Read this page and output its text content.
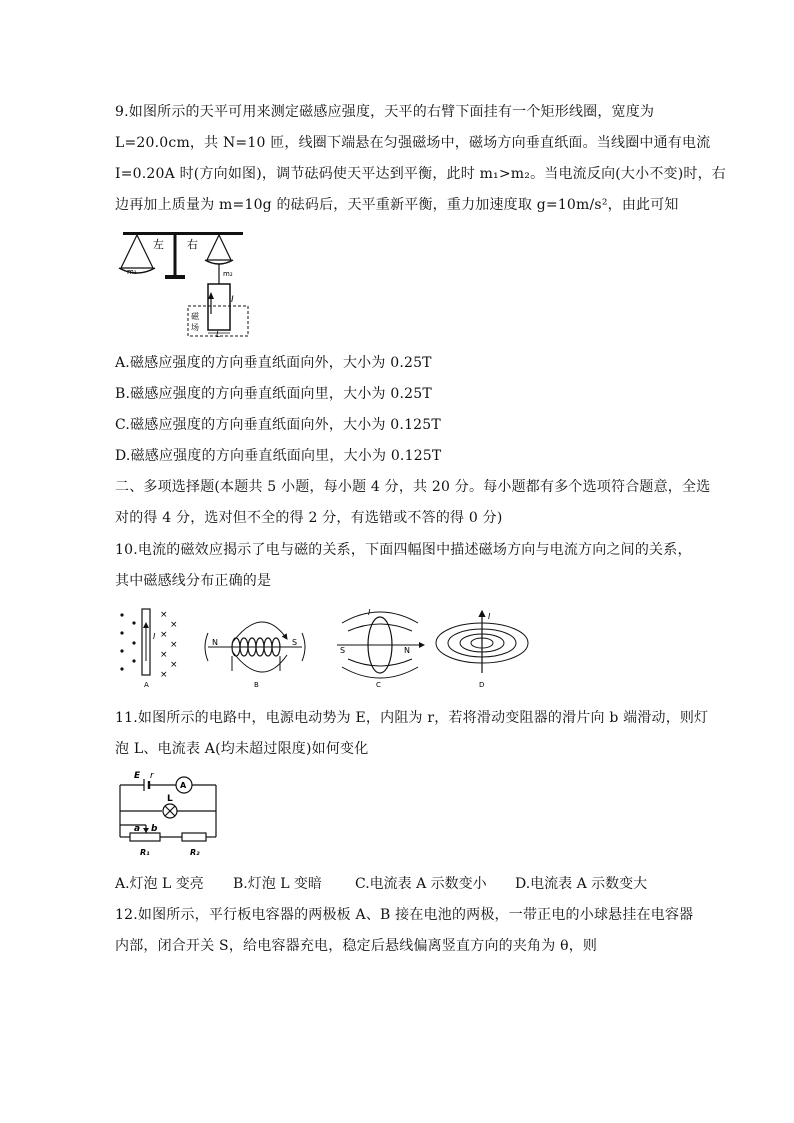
9.如图所示的天平可用来测定磁感应强度，天平的右臂下面挂有一个矩形线圈，宽度为
L=20.0cm，共 N=10 匝，线圈下端悬在匀强磁场中，磁场方向垂直纸面。当线圈中通有电流
I=0.20A 时(方向如图)，调节砝码使天平达到平衡，此时 m₁>m₂。当电流反向(大小不变)时，右
边再加上质量为 m=10g 的砝码后，天平重新平衡，重力加速度取 g=10m/s²，由此可知
左 右
m₁	m₂
I
磁
场
L
A.磁感应强度的方向垂直纸面向外，大小为 0.25T
B.磁感应强度的方向垂直纸面向里，大小为 0.25T
C.磁感应强度的方向垂直纸面向外，大小为 0.125T
D.磁感应强度的方向垂直纸面向里，大小为 0.125T
二、多项选择题(本题共 5 小题，每小题 4 分，共 20 分。每小题都有多个选项符合题意，全选
对的得 4 分，选对但不全的得 2 分，有选错或不答的得 0 分)
10.电流的磁效应揭示了电与磁的关系，下面四幅图中描述磁场方向与电流方向之间的关系，
其中磁感线分布正确的是
I
×
×
×
×
×
×
×
A
N	S
B
I
S	N
C
I
D
11.如图所示的电路中，电源电动势为 E，内阻为 r，若将滑动变阻器的滑片向 b 端滑动，则灯
泡 L、电流表 A(均未超过限度)如何变化
E r
A
L
a b
R₁	R₂
A.灯泡 L 变亮 B.灯泡 L 变暗 C.电流表 A 示数变小 D.电流表 A 示数变大
12.如图所示，平行板电容器的两极板 A、B 接在电池的两极，一带正电的小球悬挂在电容器
内部，闭合开关 S，给电容器充电，稳定后悬线偏离竖直方向的夹角为 θ，则
